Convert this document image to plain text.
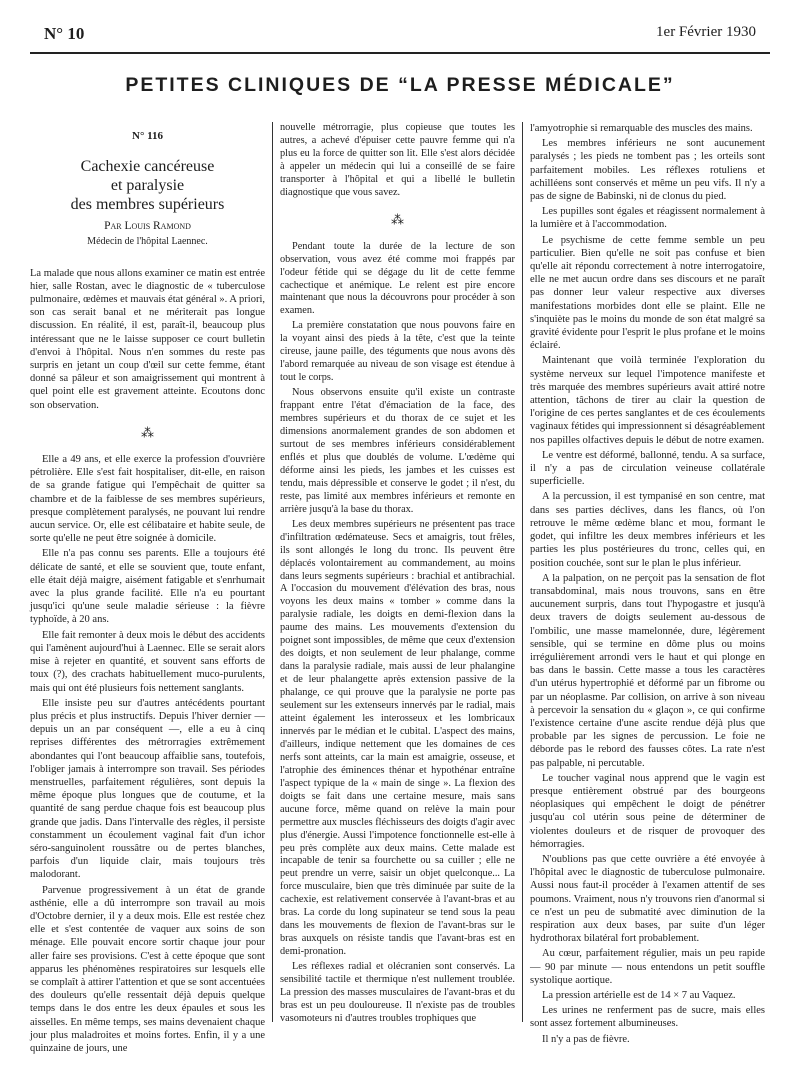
N° 10	1er Février 1930
PETITES CLINIQUES DE “LA PRESSE MÉDICALE”
N° 116
Cachexie cancéreuse
et paralysie
des membres supérieurs
Par Louis Ramond
Médecin de l'hôpital Laennec.

La malade que nous allons examiner ce matin est entrée hier, salle Rostan, avec le diagnostic de « tuberculose pulmonaire, œdèmes et mauvais état général ». A priori, son cas serait banal et ne mériterait pas longue discussion. En réalité, il est, paraît-il, beaucoup plus intéressant que ne le laisse supposer ce court bulletin d'envoi à l'hôpital. Nous n'en sommes du reste pas surpris en jetant un coup d'œil sur cette femme, étant donné sa pâleur et son amaigrissement qui montrent à quel point elle est gravement atteinte. Ecoutons donc son observation.

⁂

Elle a 49 ans, et elle exerce la profession d'ouvrière pétrolière. Elle s'est fait hospitaliser, dit-elle, en raison de sa grande fatigue qui l'empêchait de quitter sa chambre et de la faiblesse de ses membres supérieurs, presque complètement paralysés, ne pouvant lui rendre aucun service. Or, elle est célibataire et habite seule, de sorte qu'elle ne peut être soignée à domicile.

Elle n'a pas connu ses parents. Elle a toujours été délicate de santé, et elle se souvient que, toute enfant, elle était déjà maigre, aisément fatigable et s'enrhumait avec la plus grande facilité. Elle n'a eu pourtant jusqu'ici qu'une seule maladie sérieuse : la fièvre typhoïde, à 20 ans.

Elle fait remonter à deux mois le début des accidents qui l'amènent aujourd'hui à Laennec. Elle se serait alors mise à rejeter en quantité, et souvent sans efforts de toux (?), des crachats habituellement muco-purulents, mais qui ont été plusieurs fois nettement sanglants.

Elle insiste peu sur d'autres antécédents pourtant plus précis et plus instructifs. Depuis l'hiver dernier — depuis un an par conséquent —, elle a eu à cinq reprises différentes des métrorragies extrêmement abondantes qui l'ont beaucoup affaiblie sans, toutefois, l'obliger jamais à interrompre son travail. Ses périodes menstruelles, parfaitement régulières, sont depuis la même époque plus longues que de coutume, et la quantité de sang perdue chaque fois est beaucoup plus grande que jadis. Dans l'intervalle des règles, il persiste constamment un écoulement vaginal fait d'un ichor séro-sanguinolent roussâtre ou de pertes blanches, parfois d'un liquide clair, mais toujours très malodorant.

Parvenue progressivement à un état de grande asthénie, elle a dû interrompre son travail au mois d'Octobre dernier, il y a deux mois. Elle est restée chez elle et s'est contentée de vaquer aux soins de son ménage. Elle pouvait encore sortir chaque jour pour aller faire ses provisions. C'est à cette époque que sont apparus les phénomènes respiratoires sur lesquels elle se complaît à attirer l'attention et que se sont accentuées des douleurs qu'elle ressentait déjà depuis quelque temps dans le dos entre les deux épaules et sous les aisselles. En même temps, ses mains devenaient chaque jour plus maladroites et moins fortes. Enfin, il y a une quinzaine de jours, une

nouvelle métrorragie, plus copieuse que toutes les autres, a achevé d'épuiser cette pauvre femme qui n'a plus eu la force de quitter son lit. Elle s'est alors décidée à appeler un médecin qui lui a conseillé de se faire transporter à l'hôpital et qui a libellé le bulletin diagnostique que vous savez.

⁂

Pendant toute la durée de la lecture de son observation, vous avez été comme moi frappés par l'odeur fétide qui se dégage du lit de cette femme cachectique et anémique. Le relent est pire encore maintenant que nous la découvrons pour procéder à son examen.

La première constatation que nous pouvons faire en la voyant ainsi des pieds à la tête, c'est que la teinte cireuse, jaune paille, des téguments que nous avons dès l'abord remarquée au niveau de son visage est étendue à tout le corps.

Nous observons ensuite qu'il existe un contraste frappant entre l'état d'émaciation de la face, des membres supérieurs et du thorax de ce sujet et les dimensions anormalement grandes de son abdomen et surtout de ses membres inférieurs considérablement enflés et plus que doublés de volume. L'œdème qui déforme ainsi les pieds, les jambes et les cuisses est tendu, mais dépressible et conserve le godet ; il n'est, du reste, pas limité aux membres inférieurs et remonte en arrière jusqu'à la base du thorax.

Les deux membres supérieurs ne présentent pas trace d'infiltration œdémateuse. Secs et amaigris, tout frêles, ils sont allongés le long du tronc. Ils peuvent être déplacés volontairement au commandement, au moins dans leurs segments supérieurs : brachial et antibrachial. A l'occasion du mouvement d'élévation des bras, nous voyons les deux mains « tomber » comme dans la paralysie radiale, les doigts en demi-flexion dans la paume des mains. Les mouvements d'extension du poignet sont impossibles, de même que ceux d'extension des doigts, et non seulement de leur phalange, comme dans la paralysie radiale, mais aussi de leur phalangine et de leur phalangette après extension passive de la phalange, ce qui prouve que la paralysie ne porte pas seulement sur les extenseurs innervés par le radial, mais atteint également les interosseux et les lombricaux innervés par le médian et le cubital. L'aspect des mains, d'ailleurs, indique nettement que les domaines de ces nerfs sont atteints, car la main est amaigrie, osseuse, et l'atrophie des éminences thénar et hypothénar entraîne l'aspect typique de la « main de singe ». La flexion des doigts se fait dans une certaine mesure, mais sans aucune force, même quand on relève la main pour permettre aux muscles fléchisseurs des doigts d'agir avec plus d'énergie. Aussi l'impotence fonctionnelle est-elle à peu près complète aux deux mains. Cette malade est incapable de tenir sa fourchette ou sa cuiller ; elle ne peut prendre un verre, saisir un objet quelconque... La force musculaire, bien que très diminuée par suite de la cachexie, est relativement conservée à l'avant-bras et au bras. La corde du long supinateur se tend sous la peau dans les mouvements de flexion de l'avant-bras sur le bras auxquels on résiste tandis que l'avant-bras est en demi-pronation.

Les réflexes radial et olécranien sont conservés. La sensibilité tactile et thermique n'est nullement troublée. La pression des masses musculaires de l'avant-bras et du bras est un peu douloureuse. Il n'existe pas de troubles vasomoteurs ni d'autres troubles trophiques que

l'amyotrophie si remarquable des muscles des mains.

Les membres inférieurs ne sont aucunement paralysés ; les pieds ne tombent pas ; les orteils sont parfaitement mobiles. Les réflexes rotuliens et achilléens sont conservés et même un peu vifs. Il n'y a pas de signe de Babinski, ni de clonus du pied.

Les pupilles sont égales et réagissent normalement à la lumière et à l'accommodation.

Le psychisme de cette femme semble un peu particulier. Bien qu'elle ne soit pas confuse et bien qu'elle ait répondu correctement à notre interrogatoire, elle ne met aucun ordre dans ses discours et ne paraît pas donner leur valeur respective aux diverses manifestations morbides dont elle se plaint. Elle ne s'inquiète pas le moins du monde de son état malgré sa gravité évidente pour l'esprit le plus profane et le moins éclairé.

Maintenant que voilà terminée l'exploration du système nerveux sur lequel l'impotence manifeste et très marquée des membres supérieurs avait attiré notre attention, tâchons de tirer au clair la question de l'origine de ces pertes sanglantes et de ces écoulements vaginaux fétides qui impressionnent si désagréablement nos papilles olfactives depuis le début de notre examen.

Le ventre est déformé, ballonné, tendu. A sa surface, il n'y a pas de circulation veineuse collatérale superficielle.

A la percussion, il est tympanisé en son centre, mat dans ses parties déclives, dans les flancs, où l'on retrouve le même œdème blanc et mou, formant le godet, qui infiltre les deux membres inférieurs et les parties les plus postérieures du tronc, celles qui, en position couchée, sont sur le plan le plus inférieur.

A la palpation, on ne perçoit pas la sensation de flot transabdominal, mais nous trouvons, sans en être aucunement surpris, dans tout l'hypogastre et jusqu'à deux travers de doigts seulement au-dessous de l'ombilic, une masse mamelonnée, dure, légèrement sensible, qui se termine en dôme plus ou moins irrégulièrement arrondi vers le haut et qui plonge en bas dans le bassin. Cette masse a tous les caractères d'un utérus hypertrophié et déformé par un fibrome ou par un néoplasme. Par collision, on arrive à son niveau à percevoir la sensation du « glaçon », ce qui confirme l'existence certaine d'une ascite rendue déjà plus que probable par les signes de percussion. Le foie ne déborde pas le rebord des fausses côtes. La rate n'est pas palpable, ni percutable.

Le toucher vaginal nous apprend que le vagin est presque entièrement obstrué par des bourgeons néoplasiques qui empêchent le doigt de pénétrer jusqu'au col utérin sous peine de déterminer de violentes douleurs et de risquer de provoquer des hémorragies.

N'oublions pas que cette ouvrière a été envoyée à l'hôpital avec le diagnostic de tuberculose pulmonaire. Aussi nous faut-il procéder à l'examen attentif de ses poumons. Vraiment, nous n'y trouvons rien d'anormal si ce n'est un peu de submatité avec diminution de la respiration aux deux bases, par suite d'un léger hydrothorax bilatéral fort probablement.

Au cœur, parfaitement régulier, mais un peu rapide — 90 par minute — nous entendons un petit souffle systolique aortique.

La pression artérielle est de 14 × 7 au Vaquez.

Les urines ne renferment pas de sucre, mais elles sont assez fortement albumineuses.

Il n'y a pas de fièvre.
